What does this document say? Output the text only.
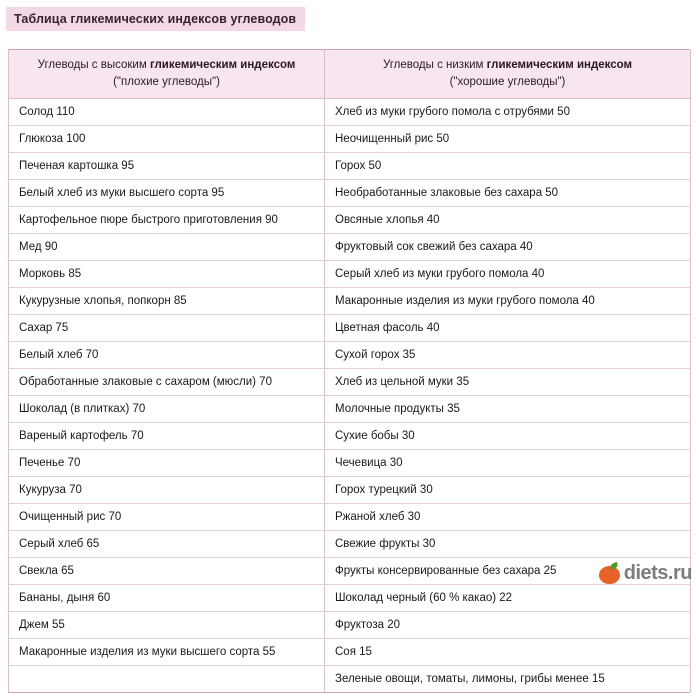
Таблица гликемических индексов углеводов
Углеводы с высоким гликемическим индексом
("плохие углеводы")	Углеводы с низким гликемическим индексом
("хорошие углеводы")
Солод 110	Хлеб из муки грубого помола с отрубями 50
Глюкоза 100	Неочищенный рис 50
Печеная картошка 95	Горох 50
Белый хлеб из муки высшего сорта 95	Необработанные злаковые без сахара 50
Картофельное пюре быстрого приготовления 90	Овсяные хлопья 40
Мед 90	Фруктовый сок свежий без сахара 40
Морковь 85	Серый хлеб из муки грубого помола 40
Кукурузные хлопья, попкорн 85	Макаронные изделия из муки грубого помола 40
Сахар 75	Цветная фасоль 40
Белый хлеб 70	Сухой горох 35
Обработанные злаковые с сахаром (мюсли) 70	Хлеб из цельной муки 35
Шоколад (в плитках) 70	Молочные продукты 35
Вареный картофель 70	Сухие бобы 30
Печенье 70	Чечевица 30
Кукуруза 70	Горох турецкий 30
Очищенный рис 70	Ржаной хлеб 30
Серый хлеб 65	Свежие фрукты 30
Свекла 65	Фрукты консервированные без сахара 25
Бананы, дыня 60	Шоколад черный (60 % какао) 22
Джем 55	Фруктоза 20
Макаронные изделия из муки высшего сорта 55	Соя 15
	Зеленые овощи, томаты, лимоны, грибы менее 15
diets.ru
